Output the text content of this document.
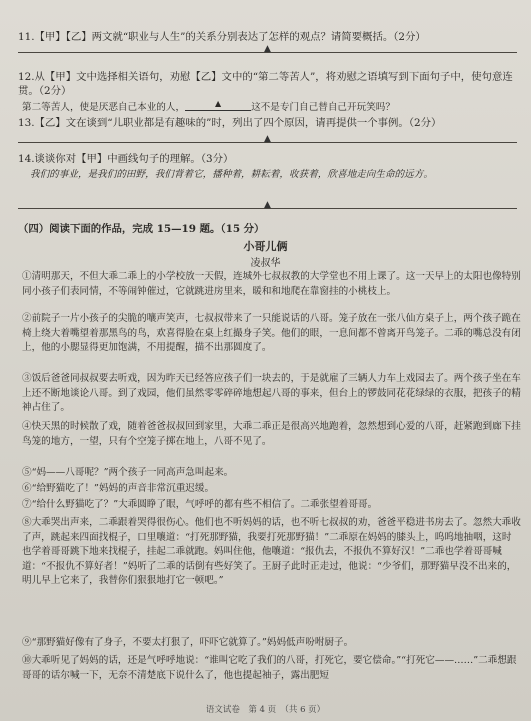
11.【甲】【乙】两文就“职业与人生”的关系分别表达了怎样的观点？请简要概括。（2分）
▲
12.从【甲】文中选择相关语句，劝慰【乙】文中的“第二等苦人”，将劝慰之语填写到下面句子中，使句意连贯。（2分）
第二等苦人，使是厌恶自己本业的人，	▲	这不是专门自己替自己开玩笑吗？
13.【乙】文在谈到“儿职业都是有趣味的”时，列出了四个原因，请再提供一个事例。（2分）
▲
14.谈谈你对【甲】中画线句子的理解。（3分）
我们的事业，是我们的田野，我们背着它，播种着，耕耘着，收获着，欣喜地走向生命的远方。
▲
（四）阅读下面的作品，完成 15—19 题。（15 分）
小哥儿俩
凌叔华
①清明那天，不但大乖二乖上的小学校放一天假，连城外七叔叔教的大学堂也不用上课了。这一天早上的太阳也像特别同小孩子们表同情，不等闹钟催过，它就跳进房里来，暖和和地爬在靠窗挂的小桃枝上。
②前院子一片小孩子的尖脆的嚷声笑声，七叔叔带来了一只能说话的八哥。笼子放在一张八仙方桌子上，两个孩子跪在椅上绕大着嘴望着那黑鸟的鸟，欢喜得脸在桌上红撮身子笑。他们的眼，一息间都不曾离开鸟笼子。二乖的嘴总没有闭上，他的小腮显得更加饱满，不用提醒，描不出那圆度了。
③饭后爸爸同叔叔要去听戏，因为昨天已经答应孩子们一块去的，于是就雇了三辆人力车上戏园去了。两个孩子坐在车上还不断地谈论八哥。到了戏园，他们虽然零零碎碎地想起八哥的事来，但台上的锣鼓同花花绿绿的衣服，把孩子的精神占住了。
④快天黑的时候散了戏，随着爸爸叔叔回到家里，大乖二乖正是很高兴地跑着，忽然想到心爱的八哥，赶紧跑到廊下挂鸟笼的地方，一望，只有个空笼子掷在地上，八哥不见了。
⑤“妈——八哥呢？”两个孩子一同高声急叫起来。
⑥“给野猫吃了！”妈妈的声音非常沉重迟缓。
⑦“给什么野猫吃了？”大乖圆睁了眼，气呼呼的都有些不相信了。二乖张望着哥哥。
⑧大乖哭出声来，二乖跟着哭得很伤心。他们也不听妈妈的话，也不听七叔叔的劝，爸爸平稳进书房去了。忽然大乖收了声，跳起来四面找棍子，口里嚷道：“打死那野猫，我要打死那野猫！”二乖原在妈妈的膝头上，呜呜地抽咽，这时也学着哥哥跳下地来找棍子，挂起二乖就跑。妈叫住他，他嚷道：“报仇去，不报仇不算好汉！”二乖也学着哥哥喊道：“不报仇不算好者！”妈听了二乖的话倒有些好笑了。王厨子此时正走过，他说：“少爷们，那野猫早没不出来的，明儿早上它来了，我替你们狠狠地打它一顿吧。”
⑨“那野猫好像有了身子，不要太打狠了，吓吓它就算了。”妈妈低声吩咐厨子。
⑩大乖听见了妈妈的话，还是气呼呼地说：“谁叫它吃了我们的八哥，打死它，要它偿命。”“打死它——……”二乖想跟哥哥的话尔喊一下，无奈不清楚底下说什么了，他也提起袖子，露出肥短
语文试卷　第 4 页　（共 6 页）
